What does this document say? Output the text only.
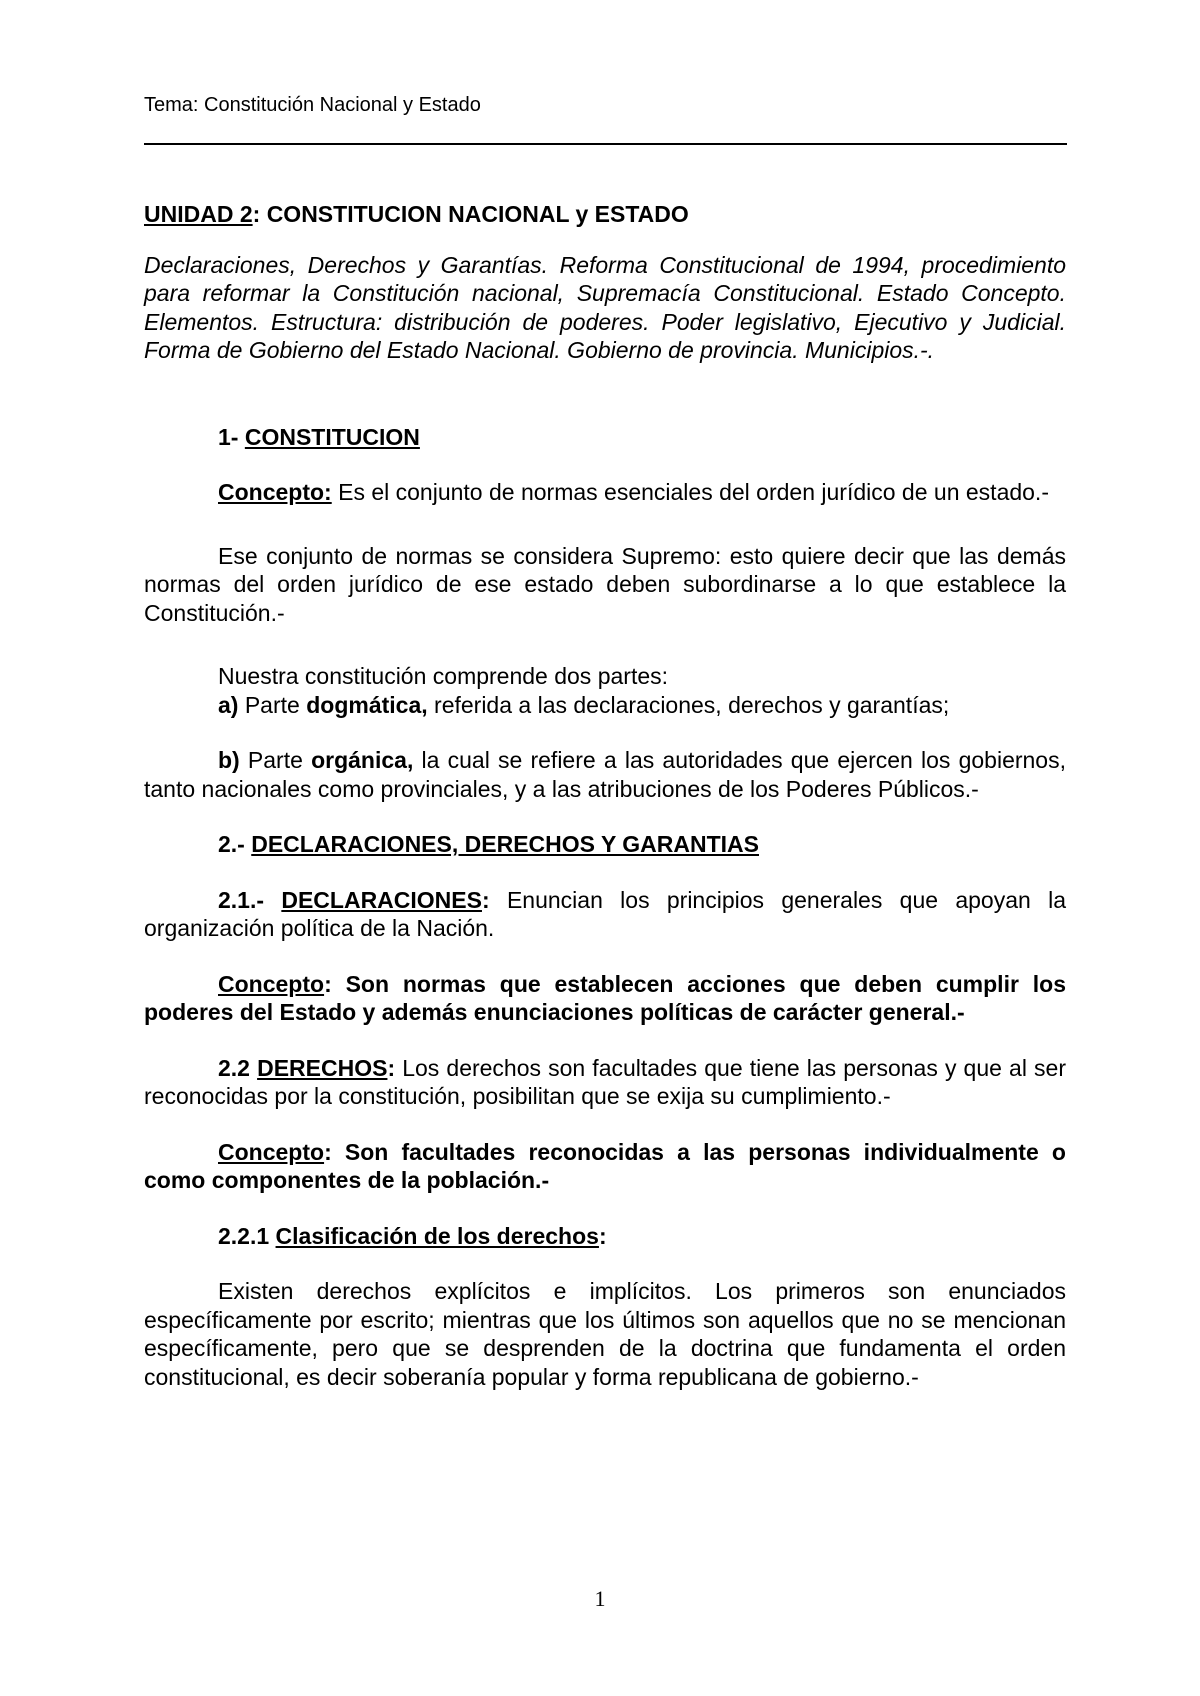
Tema: Constitución Nacional y Estado

UNIDAD 2: CONSTITUCION NACIONAL y ESTADO

Declaraciones, Derechos y Garantías. Reforma Constitucional de 1994, procedimiento para reformar la Constitución nacional, Supremacía Constitucional. Estado Concepto. Elementos. Estructura: distribución de poderes. Poder legislativo, Ejecutivo y Judicial. Forma de Gobierno del Estado Nacional. Gobierno de provincia. Municipios.-.

1- CONSTITUCION

Concepto: Es el conjunto de normas esenciales del orden jurídico de un estado.-

Ese conjunto de normas se considera Supremo: esto quiere decir que las demás normas del orden jurídico de ese estado deben subordinarse a lo que establece la Constitución.-

Nuestra constitución comprende dos partes:

a) Parte dogmática, referida a las declaraciones, derechos y garantías;

b) Parte orgánica, la cual se refiere a las autoridades que ejercen los gobiernos, tanto nacionales como provinciales, y a las atribuciones de los Poderes Públicos.-

2.- DECLARACIONES, DERECHOS Y GARANTIAS

2.1.- DECLARACIONES: Enuncian los principios generales que apoyan la organización política de la Nación.

Concepto: Son normas que establecen acciones que deben cumplir los poderes del Estado y además enunciaciones políticas de carácter general.-

2.2 DERECHOS: Los derechos son facultades que tiene las personas y que al ser reconocidas por la constitución, posibilitan que se exija su cumplimiento.-

Concepto: Son facultades reconocidas a las personas individualmente o como componentes de la población.-

2.2.1 Clasificación de los derechos:

Existen derechos explícitos e implícitos. Los primeros son enunciados específicamente por escrito; mientras que los últimos son aquellos que no se mencionan específicamente, pero que se desprenden de la doctrina que fundamenta el orden constitucional, es decir soberanía popular y forma republicana de gobierno.-

1
